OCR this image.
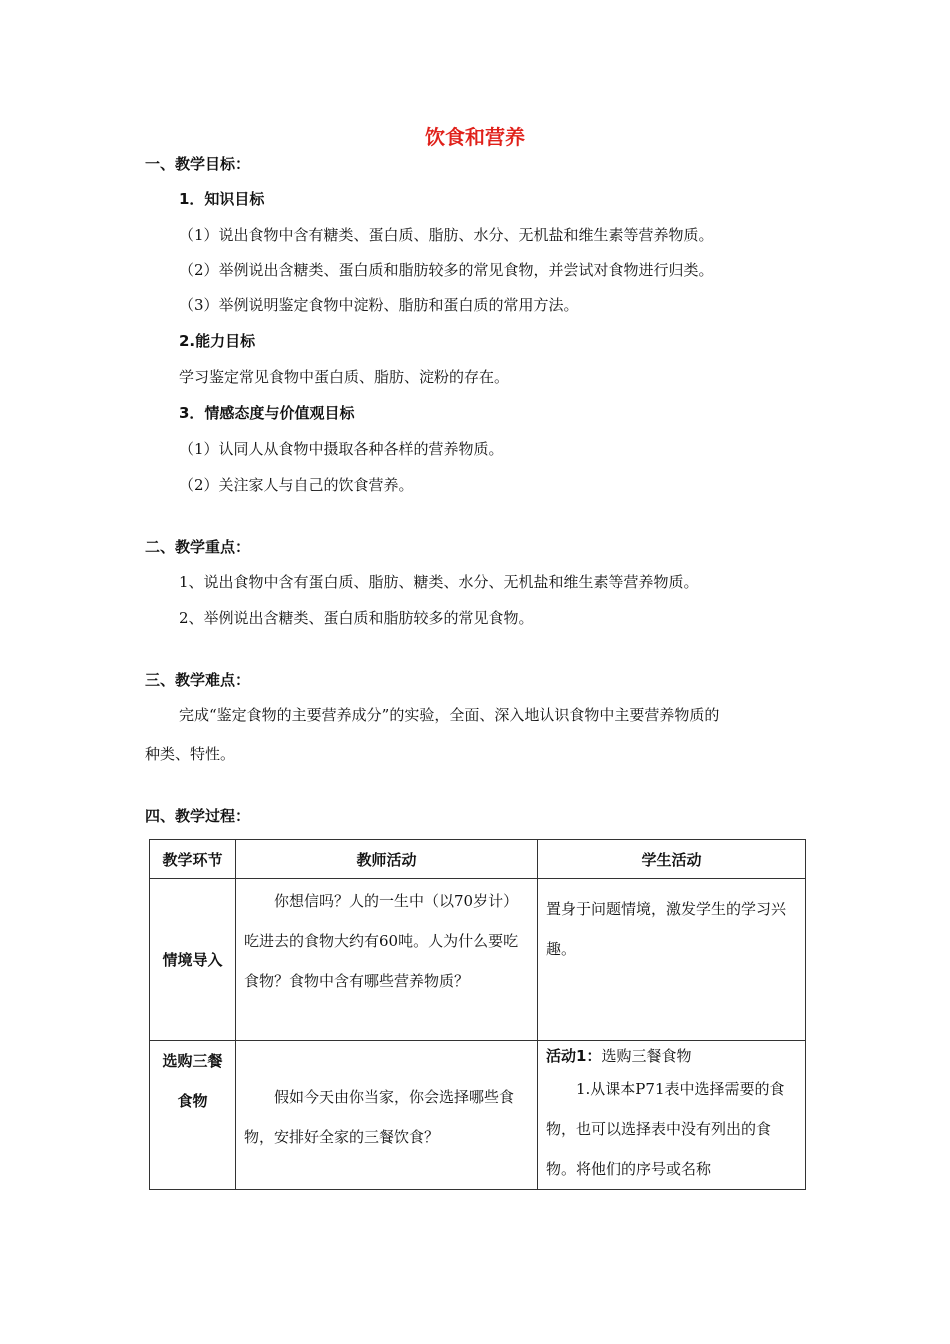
饮食和营养
一、教学目标：
1．知识目标
（1）说出食物中含有糖类、蛋白质、脂肪、水分、无机盐和维生素等营养物质。
（2）举例说出含糖类、蛋白质和脂肪较多的常见食物，并尝试对食物进行归类。
（3）举例说明鉴定食物中淀粉、脂肪和蛋白质的常用方法。
2.能力目标
学习鉴定常见食物中蛋白质、脂肪、淀粉的存在。
3．情感态度与价值观目标
（1）认同人从食物中摄取各种各样的营养物质。
（2）关注家人与自己的饮食营养。
二、教学重点：
1、说出食物中含有蛋白质、脂肪、糖类、水分、无机盐和维生素等营养物质。
2、举例说出含糖类、蛋白质和脂肪较多的常见食物。
三、教学难点：
完成“鉴定食物的主要营养成分”的实验，全面、深入地认识食物中主要营养物质的
种类、特性。
四、教学过程：
教学环节	教师活动	学生活动
情境导入	你想信吗？人的一生中（以70岁计）吃进去的食物大约有60吨。人为什么要吃食物？食物中含有哪些营养物质？	置身于问题情境，激发学生的学习兴趣。

选购三餐食物	假如今天由你当家，你会选择哪些食物，安排好全家的三餐饮食？	活动1：选购三餐食物
1.从课本P71表中选择需要的食物，也可以选择表中没有列出的食物。将他们的序号或名称
